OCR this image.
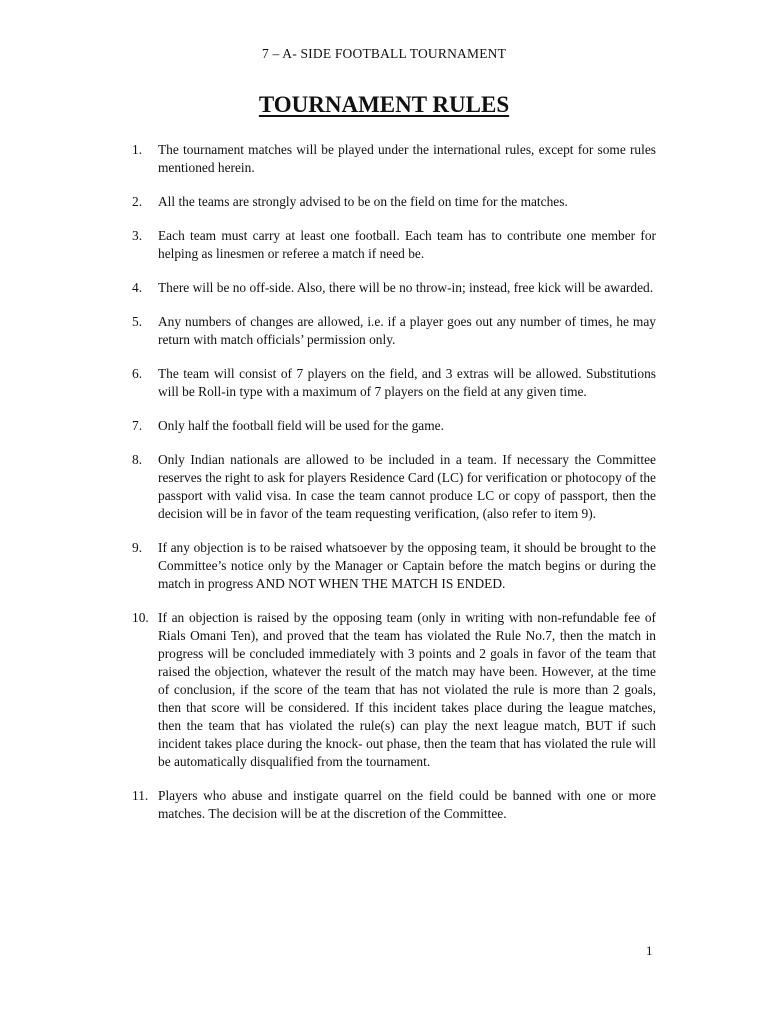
7 – A- SIDE FOOTBALL TOURNAMENT
TOURNAMENT RULES
1.	The tournament matches will be played under the international rules, except for some rules mentioned herein.
2.	All the teams are strongly advised to be on the field on time for the matches.
3.	Each team must carry at least one football. Each team has to contribute one member for helping as linesmen or referee a match if need be.
4.	There will be no off-side. Also, there will be no throw-in; instead, free kick will be awarded.
5.	Any numbers of changes are allowed, i.e. if a player goes out any number of times, he may return with match officials’ permission only.
6.	The team will consist of 7 players on the field, and 3 extras will be allowed. Substitutions will be Roll-in type with a maximum of 7 players on the field at any given time.
7.	Only half the football field will be used for the game.
8.	Only Indian nationals are allowed to be included in a team. If necessary the Committee reserves the right to ask for players Residence Card (LC) for verification or photocopy of the passport with valid visa. In case the team cannot produce LC or copy of passport, then the decision will be in favor of the team requesting verification, (also refer to item 9).
9.	If any objection is to be raised whatsoever by the opposing team, it should be brought to the Committee’s notice only by the Manager or Captain before the match begins or during the match in progress AND NOT WHEN THE MATCH IS ENDED.
10. If an objection is raised by the opposing team (only in writing with non-refundable fee of Rials Omani Ten), and proved that the team has violated the Rule No.7, then the match in progress will be concluded immediately with 3 points and 2 goals in favor of the team that raised the objection, whatever the result of the match may have been. However, at the time of conclusion, if the score of the team that has not violated the rule is more than 2 goals, then that score will be considered. If this incident takes place during the league matches, then the team that has violated the rule(s) can play the next league match, BUT if such incident takes place during the knock- out phase, then the team that has violated the rule will be automatically disqualified from the tournament.
11. Players who abuse and instigate quarrel on the field could be banned with one or more matches. The decision will be at the discretion of the Committee.
1
